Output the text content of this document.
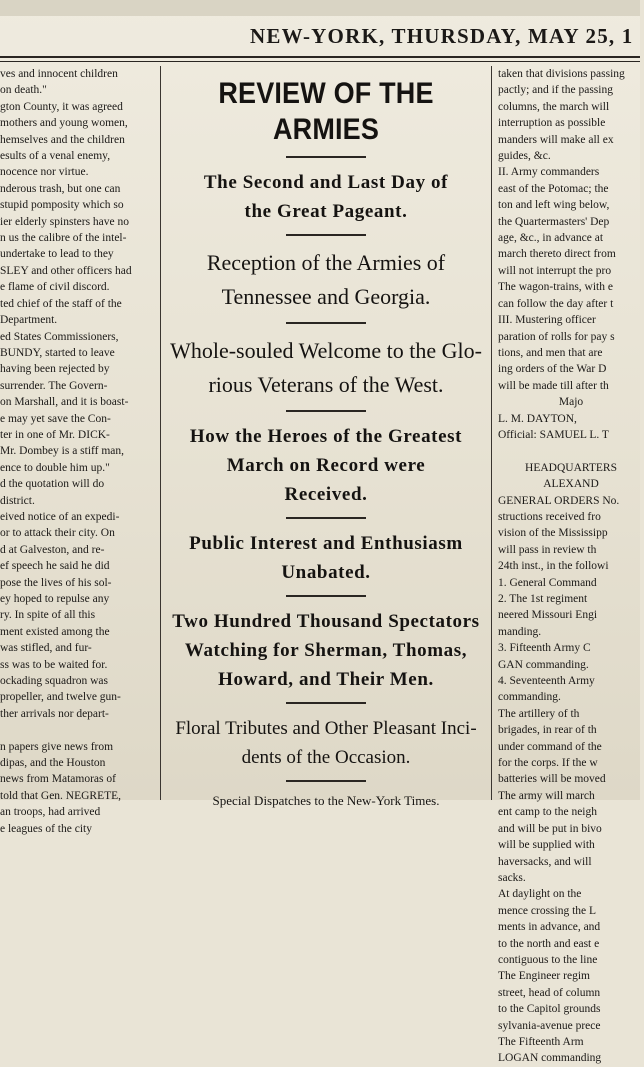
NEW-YORK, THURSDAY, MAY 25, 1
ves and innocent children
on death."
gton County, it was agreed
mothers and young women,
hemselves and the children
esults of a venal enemy,
nocence nor virtue.
nderous trash, but one can
stupid pomposity which so
ier elderly spinsters have no
n us the calibre of the intel-
undertake to lead to they
SLEY and other officers had
e flame of civil discord.
ted chief of the staff of the
Department.
ed States Commissioners,
BUNDY, started to leave
having been rejected by
surrender. The Govern-
on Marshall, and it is boast-
e may yet save the Con-
ter in one of Mr. DICK-
Mr. Dombey is a stiff man,
ence to double him up."
d the quotation will do
district.
eived notice of an expedi-
or to attack their city. On
d at Galveston, and re-
ef speech he said he did
pose the lives of his sol-
ey hoped to repulse any
ry. In spite of all this
ment existed among the
was stifled, and fur-
ss was to be waited for.
ockading squadron was
propeller, and twelve gun-
ther arrivals nor depart-

n papers give news from
dipas, and the Houston
news from Matamoras of
told that Gen. NEGRETE,
an troops, had arrived
e leagues of the city
REVIEW OF THE ARMIES
The Second and Last Day of
the Great Pageant.
Reception of the Armies of
Tennessee and Georgia.
Whole-souled Welcome to the Glo-
rious Veterans of the West.
How the Heroes of the Greatest
March on Record were
Received.
Public Interest and Enthusiasm
Unabated.
Two Hundred Thousand Spectators
Watching for Sherman, Thomas,
Howard, and Their Men.
Floral Tributes and Other Pleasant Inci-
dents of the Occasion.
Special Dispatches to the New-York Times.
taken that divisions passing
pactly; and if the passing
columns, the march will
interruption as possible
manders will make all ex
guides, &c.
II. Army commanders
east of the Potomac; the
ton and left wing below,
the Quartermasters' Dep
age, &c., in advance at
march thereto direct from
will not interrupt the pro
The wagon-trains, with e
can follow the day after t
III. Mustering officer
paration of rolls for pay s
tions, and men that are
ing orders of the War D
will be made till after th
Majo
L. M. DAYTON,
Official: SAMUEL L. T

HEADQUARTERS
ALEXAND
GENERAL ORDERS No.
structions received fro
vision of the Mississipp
will pass in review th
24th inst., in the followi
1. General Command
2. The 1st regiment
neered Missouri Engi
manding.
3. Fifteenth Army C
GAN commanding.
4. Seventeenth Army
commanding.
The artillery of th
brigades, in rear of th
under command of the
for the corps. If the w
batteries will be moved
The army will march
ent camp to the neigh
and will be put in bivo
will be supplied with
haversacks, and will
sacks.
At daylight on the
mence crossing the L
ments in advance, and
to the north and east e
contiguous to the line
The Engineer regim
street, head of column
to the Capitol grounds
sylvania-avenue prece
The Fifteenth Arm
LOGAN commanding
